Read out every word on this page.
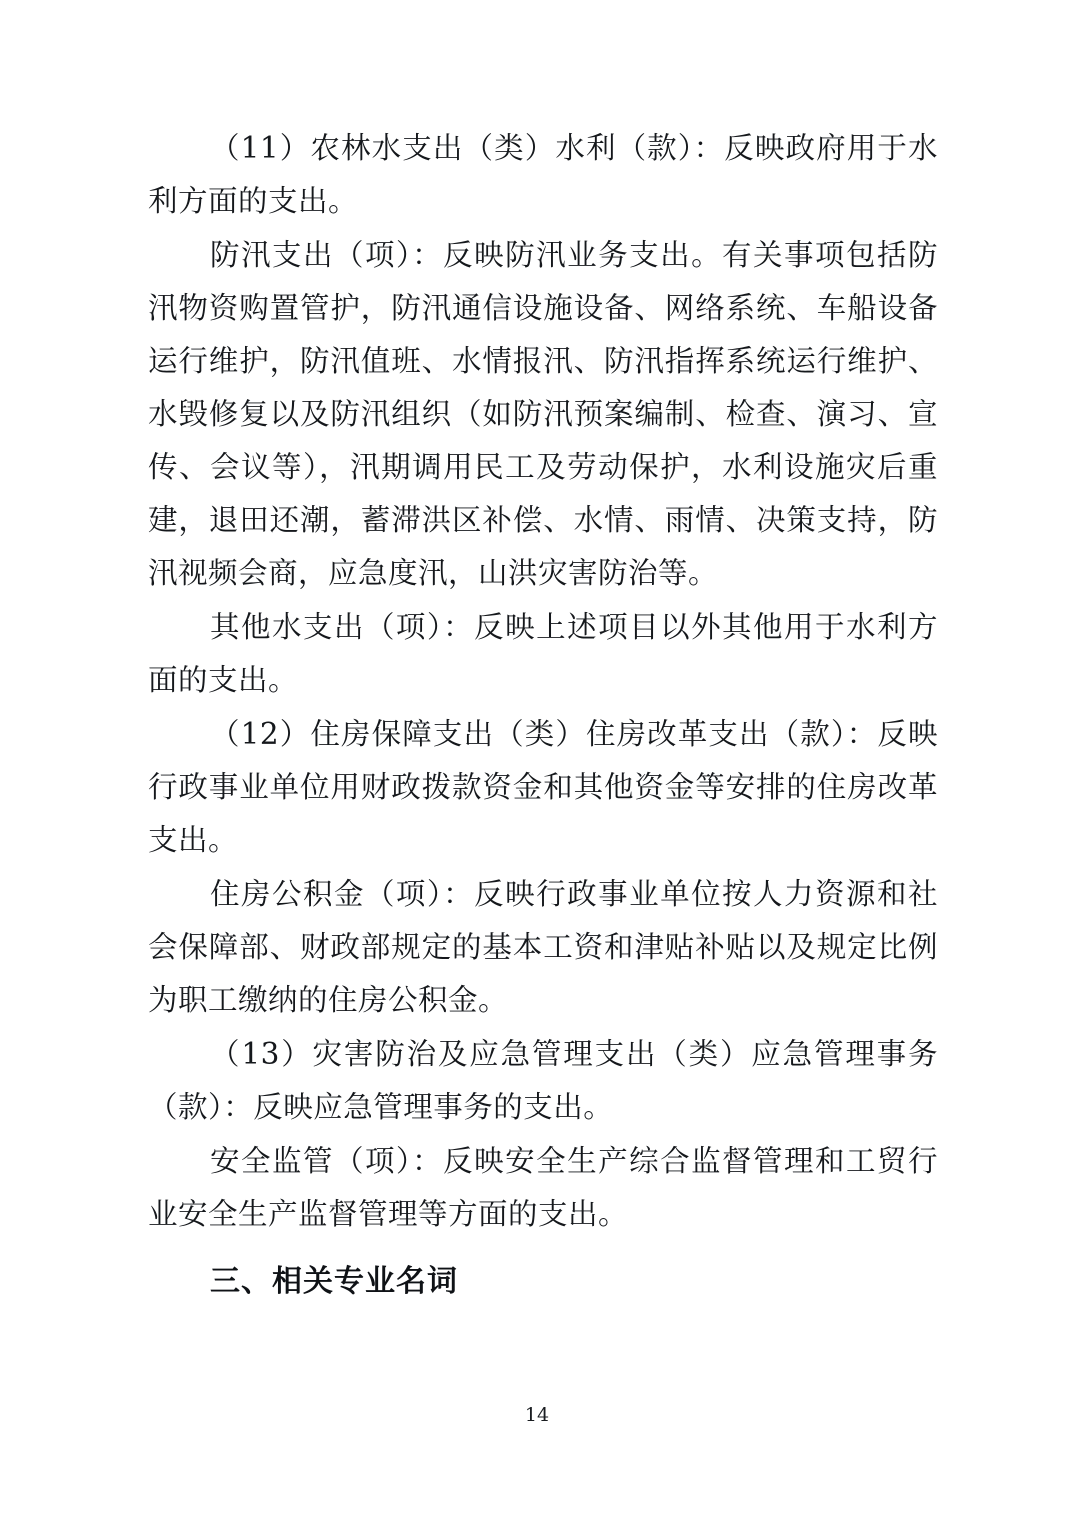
（11）农林水支出（类）水利（款）：反映政府用于水利方面的支出。

防汛支出（项）：反映防汛业务支出。有关事项包括防汛物资购置管护，防汛通信设施设备、网络系统、车船设备运行维护，防汛值班、水情报汛、防汛指挥系统运行维护、水毁修复以及防汛组织（如防汛预案编制、检查、演习、宣传、会议等），汛期调用民工及劳动保护，水利设施灾后重建，退田还潮，蓄滞洪区补偿、水情、雨情、决策支持，防汛视频会商，应急度汛，山洪灾害防治等。

其他水支出（项）：反映上述项目以外其他用于水利方面的支出。

（12）住房保障支出（类）住房改革支出（款）：反映行政事业单位用财政拨款资金和其他资金等安排的住房改革支出。

住房公积金（项）：反映行政事业单位按人力资源和社会保障部、财政部规定的基本工资和津贴补贴以及规定比例为职工缴纳的住房公积金。

（13）灾害防治及应急管理支出（类）应急管理事务（款）：反映应急管理事务的支出。

安全监管（项）：反映安全生产综合监督管理和工贸行业安全生产监督管理等方面的支出。

三、相关专业名词

14
